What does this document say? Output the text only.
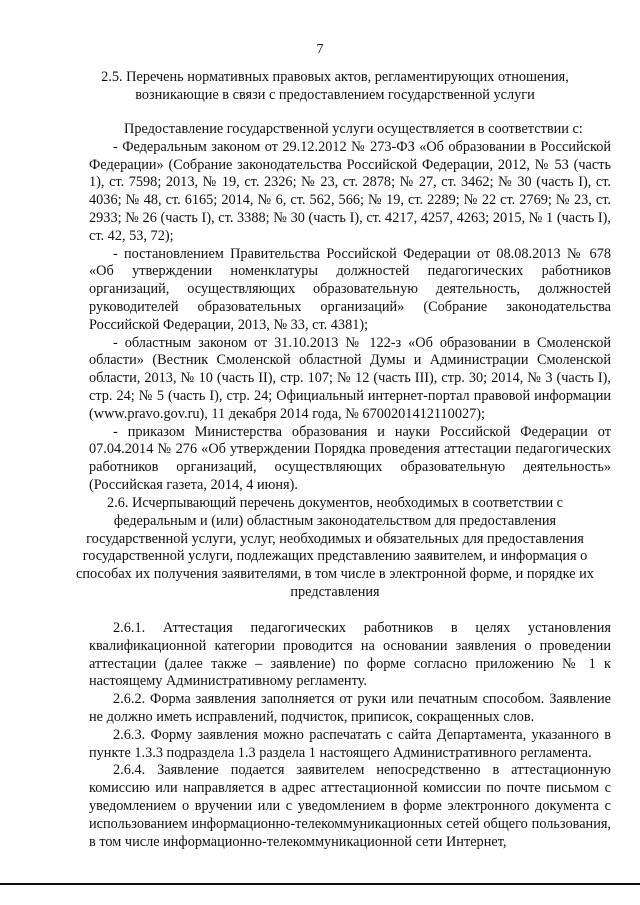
7
2.5. Перечень нормативных правовых актов, регламентирующих отношения, возникающие в связи с предоставлением государственной услуги

Предоставление государственной услуги осуществляется в соответствии с:

- Федеральным законом от 29.12.2012 № 273-ФЗ «Об образовании в Российской Федерации» (Собрание законодательства Российской Федерации, 2012, № 53 (часть 1), ст. 7598; 2013, № 19, ст. 2326; № 23, ст. 2878; № 27, ст. 3462; № 30 (часть I), ст. 4036; № 48, ст. 6165; 2014, № 6, ст. 562, 566; № 19, ст. 2289; № 22 ст. 2769; № 23, ст. 2933; № 26 (часть I), ст. 3388; № 30 (часть I), ст. 4217, 4257, 4263; 2015, № 1 (часть I), ст. 42, 53, 72);

- постановлением Правительства Российской Федерации от 08.08.2013 № 678 «Об утверждении номенклатуры должностей педагогических работников организаций, осуществляющих образовательную деятельность, должностей руководителей образовательных организаций» (Собрание законодательства Российской Федерации, 2013, № 33, ст. 4381);

- областным законом от 31.10.2013 № 122-з «Об образовании в Смоленской области» (Вестник Смоленской областной Думы и Администрации Смоленской области, 2013, № 10 (часть II), стр. 107; № 12 (часть III), стр. 30; 2014, № 3 (часть I), стр. 24; № 5 (часть I), стр. 24; Официальный интернет-портал правовой информации (www.pravo.gov.ru), 11 декабря 2014 года, № 6700201412110027);

- приказом Министерства образования и науки Российской Федерации от 07.04.2014 № 276 «Об утверждении Порядка проведения аттестации педагогических работников организаций, осуществляющих образовательную деятельность» (Российская газета, 2014, 4 июня).

2.6. Исчерпывающий перечень документов, необходимых в соответствии с федеральным и (или) областным законодательством для предоставления государственной услуги, услуг, необходимых и обязательных для предоставления государственной услуги, подлежащих представлению заявителем, и информация о способах их получения заявителями, в том числе в электронной форме, и порядке их представления

2.6.1. Аттестация педагогических работников в целях установления квалификационной категории проводится на основании заявления о проведении аттестации (далее также – заявление) по форме согласно приложению № 1 к настоящему Административному регламенту.

2.6.2. Форма заявления заполняется от руки или печатным способом. Заявление не должно иметь исправлений, подчисток, приписок, сокращенных слов.

2.6.3. Форму заявления можно распечатать с сайта Департамента, указанного в пункте 1.3.3 подраздела 1.3 раздела 1 настоящего Административного регламента.

2.6.4. Заявление подается заявителем непосредственно в аттестационную комиссию или направляется в адрес аттестационной комиссии по почте письмом с уведомлением о вручении или с уведомлением в форме электронного документа с использованием информационно-телекоммуникационных сетей общего пользования, в том числе информационно-телекоммуникационной сети Интернет,
